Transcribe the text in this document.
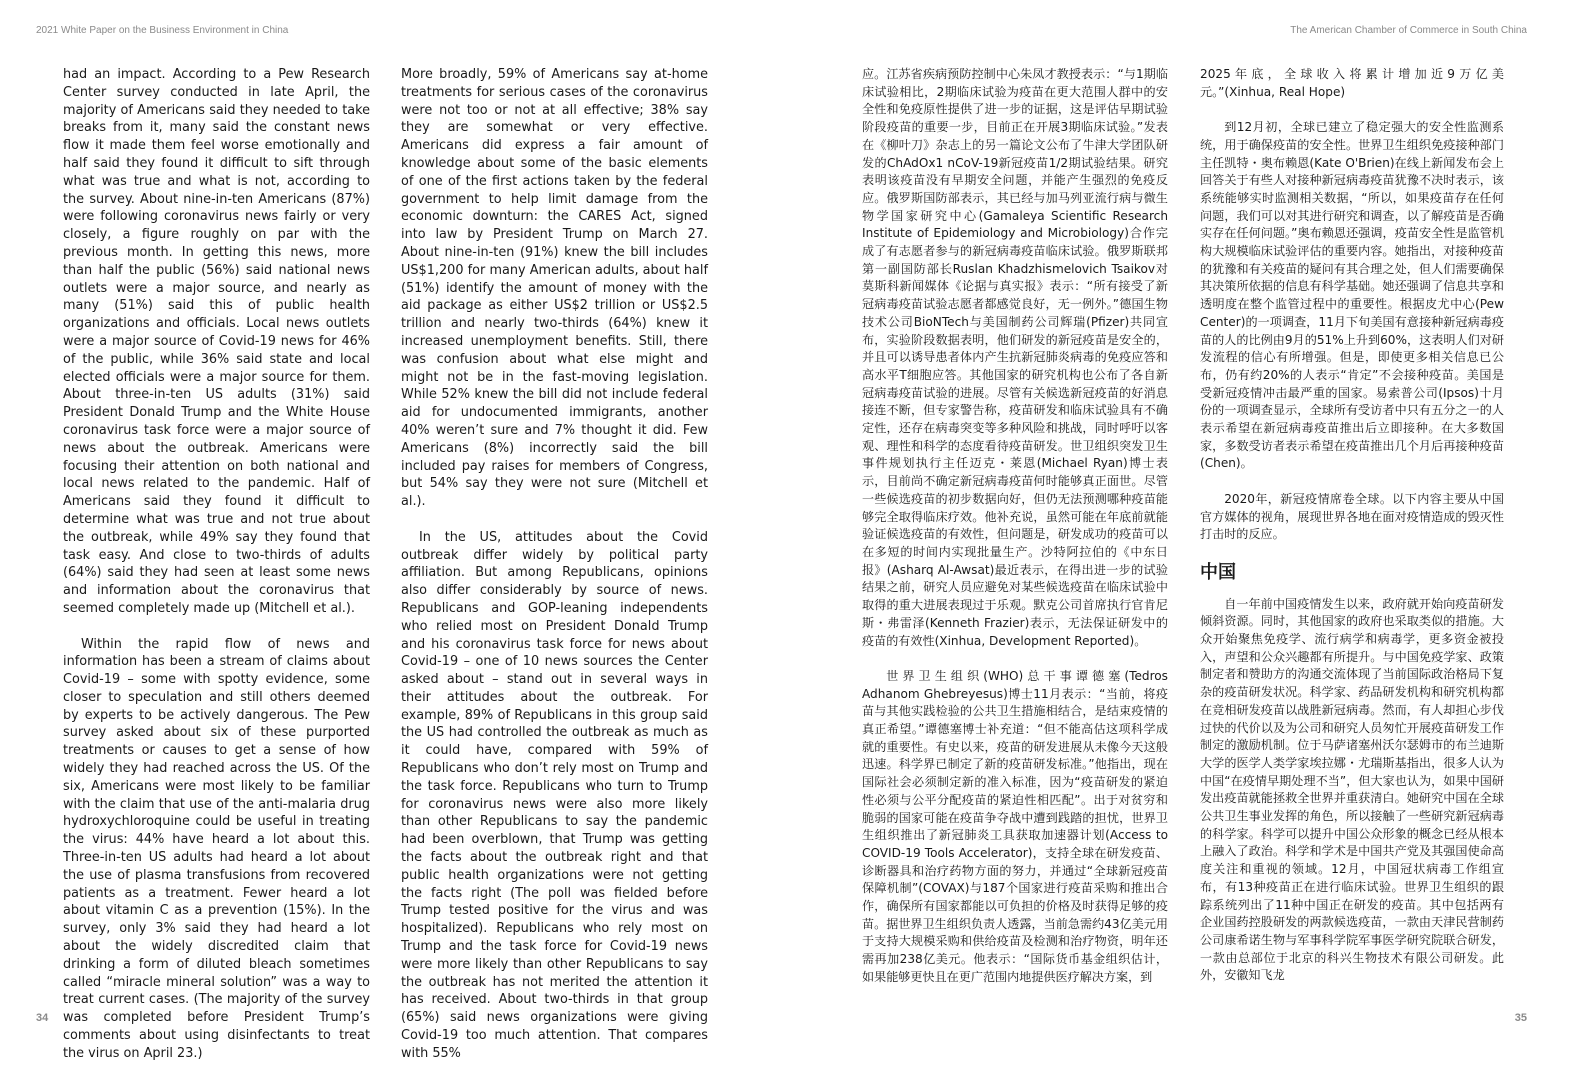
2021 White Paper on the Business Environment in China	The American Chamber of Commerce in South China

had an impact. According to a Pew Research Center survey conducted in late April, the majority of Americans said they needed to take breaks from it, many said the constant news flow it made them feel worse emotionally and half said they found it difficult to sift through what was true and what is not, according to the survey. About nine-in-ten Americans (87%) were following coronavirus news fairly or very closely, a figure roughly on par with the previous month. In getting this news, more than half the public (56%) said national news outlets were a major source, and nearly as many (51%) said this of public health organizations and officials. Local news outlets were a major source of Covid-19 news for 46% of the public, while 36% said state and local elected officials were a major source for them. About three-in-ten US adults (31%) said President Donald Trump and the White House coronavirus task force were a major source of news about the outbreak. Americans were focusing their attention on both national and local news related to the pandemic. Half of Americans said they found it difficult to determine what was true and not true about the outbreak, while 49% say they found that task easy. And close to two-thirds of adults (64%) said they had seen at least some news and information about the coronavirus that seemed completely made up (Mitchell et al.).

Within the rapid flow of news and information has been a stream of claims about Covid-19 – some with spotty evidence, some closer to speculation and still others deemed by experts to be actively dangerous. The Pew survey asked about six of these purported treatments or causes to get a sense of how widely they had reached across the US. Of the six, Americans were most likely to be familiar with the claim that use of the anti-malaria drug hydroxychloroquine could be useful in treating the virus: 44% have heard a lot about this. Three-in-ten US adults had heard a lot about the use of plasma transfusions from recovered patients as a treatment. Fewer heard a lot about vitamin C as a prevention (15%). In the survey, only 3% said they had heard a lot about the widely discredited claim that drinking a form of diluted bleach sometimes called “miracle mineral solution” was a way to treat current cases. (The majority of the survey was completed before President Trump’s comments about using disinfectants to treat the virus on April 23.)

More broadly, 59% of Americans say at-home treatments for serious cases of the coronavirus were not too or not at all effective; 38% say they are somewhat or very effective. Americans did express a fair amount of knowledge about some of the basic elements of one of the first actions taken by the federal government to help limit damage from the economic downturn: the CARES Act, signed into law by President Trump on March 27. About nine-in-ten (91%) knew the bill includes US$1,200 for many American adults, about half (51%) identify the amount of money with the aid package as either US$2 trillion or US$2.5 trillion and nearly two-thirds (64%) knew it increased unemployment benefits. Still, there was confusion about what else might and might not be in the fast-moving legislation. While 52% knew the bill did not include federal aid for undocumented immigrants, another 40% weren’t sure and 7% thought it did. Few Americans (8%) incorrectly said the bill included pay raises for members of Congress, but 54% say they were not sure (Mitchell et al.).

In the US, attitudes about the Covid outbreak differ widely by political party affiliation. But among Republicans, opinions also differ considerably by source of news. Republicans and GOP-leaning independents who relied most on President Donald Trump and his coronavirus task force for news about Covid-19 – one of 10 news sources the Center asked about – stand out in several ways in their attitudes about the outbreak. For example, 89% of Republicans in this group said the US had controlled the outbreak as much as it could have, compared with 59% of Republicans who don’t rely most on Trump and the task force. Republicans who turn to Trump for coronavirus news were also more likely than other Republicans to say the pandemic had been overblown, that Trump was getting the facts about the outbreak right and that public health organizations were not getting the facts right (The poll was fielded before Trump tested positive for the virus and was hospitalized). Republicans who rely most on Trump and the task force for Covid-19 news were more likely than other Republicans to say the outbreak has not merited the attention it has received. About two-thirds in that group (65%) said news organizations were giving Covid-19 too much attention. That compares with 55%

应。江苏省疾病预防控制中心朱凤才教授表示：“与1期临床试验相比，2期临床试验为疫苗在更大范围人群中的安全性和免疫原性提供了进一步的证据，这是评估早期试验阶段疫苗的重要一步，目前正在开展3期临床试验。”发表在《柳叶刀》杂志上的另一篇论文公布了牛津大学团队研发的ChAdOx1 nCoV-19新冠疫苗1/2期试验结果。研究表明该疫苗没有早期安全问题，并能产生强烈的免疫反应。俄罗斯国防部表示，其已经与加马列亚流行病与微生物学国家研究中心(Gamaleya Scientific Research Institute of Epidemiology and Microbiology)合作完成了有志愿者参与的新冠病毒疫苗临床试验。俄罗斯联邦第一副国防部长Ruslan Khadzhismelovich Tsaikov对莫斯科新闻媒体《论据与真实报》表示：“所有接受了新冠病毒疫苗试验志愿者都感觉良好，无一例外。”德国生物技术公司BioNTech与美国制药公司辉瑞(Pfizer)共同宣布，实验阶段数据表明，他们研发的新冠疫苗是安全的，并且可以诱导患者体内产生抗新冠肺炎病毒的免疫应答和高水平T细胞应答。其他国家的研究机构也公布了各自新冠病毒疫苗试验的进展。尽管有关候选新冠疫苗的好消息接连不断，但专家警告称，疫苗研发和临床试验具有不确定性，还存在病毒突变等多种风险和挑战，同时呼吁以客观、理性和科学的态度看待疫苗研发。世卫组织突发卫生事件规划执行主任迈克・莱恩(Michael Ryan)博士表示，目前尚不确定新冠病毒疫苗何时能够真正面世。尽管一些候选疫苗的初步数据向好，但仍无法预测哪种疫苗能够完全取得临床疗效。他补充说，虽然可能在年底前就能验证候选疫苗的有效性，但问题是，研发成功的疫苗可以在多短的时间内实现批量生产。沙特阿拉伯的《中东日报》(Asharq Al-Awsat)最近表示，在得出进一步的试验结果之前，研究人员应避免对某些候选疫苗在临床试验中取得的重大进展表现过于乐观。默克公司首席执行官肯尼斯・弗雷泽(Kenneth Frazier)表示，无法保证研发中的疫苗的有效性(Xinhua, Development Reported)。

世界卫生组织(WHO)总干事谭德塞(Tedros Adhanom Ghebreyesus)博士11月表示：“当前，将疫苗与其他实践检验的公共卫生措施相结合，是结束疫情的真正希望。”谭德塞博士补充道：“但不能高估这项科学成就的重要性。有史以来，疫苗的研发进展从未像今天这般迅速。科学界已制定了新的疫苗研发标准。”他指出，现在国际社会必须制定新的准入标准，因为“疫苗研发的紧迫性必须与公平分配疫苗的紧迫性相匹配”。出于对贫穷和脆弱的国家可能在疫苗争夺战中遭到践踏的担忧，世界卫生组织推出了新冠肺炎工具获取加速器计划(Access to COVID-19 Tools Accelerator)，支持全球在研发疫苗、诊断器具和治疗药物方面的努力，并通过“全球新冠疫苗保障机制”(COVAX)与187个国家进行疫苗采购和推出合作，确保所有国家都能以可负担的价格及时获得足够的疫苗。据世界卫生组织负责人透露，当前急需约43亿美元用于支持大规模采购和供给疫苗及检测和治疗物资，明年还需再加238亿美元。他表示：“国际货币基金组织估计，如果能够更快且在更广范围内地提供医疗解决方案，到

2025年底，全球收入将累计增加近9万亿美元。”(Xinhua, Real Hope)

到12月初，全球已建立了稳定强大的安全性监测系统，用于确保疫苗的安全性。世界卫生组织免疫接种部门主任凯特・奥布赖恩(Kate O'Brien)在线上新闻发布会上回答关于有些人对接种新冠病毒疫苗犹豫不决时表示，该系统能够实时监测相关数据，“所以，如果疫苗存在任何问题，我们可以对其进行研究和调查，以了解疫苗是否确实存在任何问题。”奥布赖恩还强调，疫苗安全性是监管机构大规模临床试验评估的重要内容。她指出，对接种疫苗的犹豫和有关疫苗的疑问有其合理之处，但人们需要确保其决策所依据的信息有科学基础。她还强调了信息共享和透明度在整个监管过程中的重要性。根据皮尤中心(Pew Center)的一项调查，11月下旬美国有意接种新冠病毒疫苗的人的比例由9月的51%上升到60%，这表明人们对研发流程的信心有所增强。但是，即使更多相关信息已公布，仍有约20%的人表示“肯定”不会接种疫苗。美国是受新冠疫情冲击最严重的国家。易索普公司(Ipsos)十月份的一项调查显示，全球所有受访者中只有五分之一的人表示希望在新冠病毒疫苗推出后立即接种。在大多数国家，多数受访者表示希望在疫苗推出几个月后再接种疫苗(Chen)。

2020年，新冠疫情席卷全球。以下内容主要从中国官方媒体的视角，展现世界各地在面对疫情造成的毁灭性打击时的反应。

中国

自一年前中国疫情发生以来，政府就开始向疫苗研发倾斜资源。同时，其他国家的政府也采取类似的措施。大众开始聚焦免疫学、流行病学和病毒学，更多资金被投入，声望和公众兴趣都有所提升。与中国免疫学家、政策制定者和赞助方的沟通交流体现了当前国际政治格局下复杂的疫苗研发状况。科学家、药品研发机构和研究机构都在竞相研发疫苗以战胜新冠病毒。然而，有人却担心步伐过快的代价以及为公司和研究人员匆忙开展疫苗研发工作制定的激励机制。位于马萨诸塞州沃尔瑟姆市的布兰迪斯大学的医学人类学家埃拉娜・尤瑞斯基指出，很多人认为中国“在疫情早期处理不当”，但大家也认为，如果中国研发出疫苗就能拯救全世界并重获清白。她研究中国在全球公共卫生事业发挥的角色，所以接触了一些研究新冠病毒的科学家。科学可以提升中国公众形象的概念已经从根本上融入了政治。科学和学术是中国共产党及其强国使命高度关注和重视的领域。12月，中国冠状病毒工作组宣布，有13种疫苗正在进行临床试验。世界卫生组织的跟踪系统列出了11种中国正在研发的疫苗。其中包括两有企业国药控股研发的两款候选疫苗，一款由天津民营制药公司康希诺生物与军事科学院军事医学研究院联合研发，一款由总部位于北京的科兴生物技术有限公司研发。此外，安徽知飞龙

34	35
